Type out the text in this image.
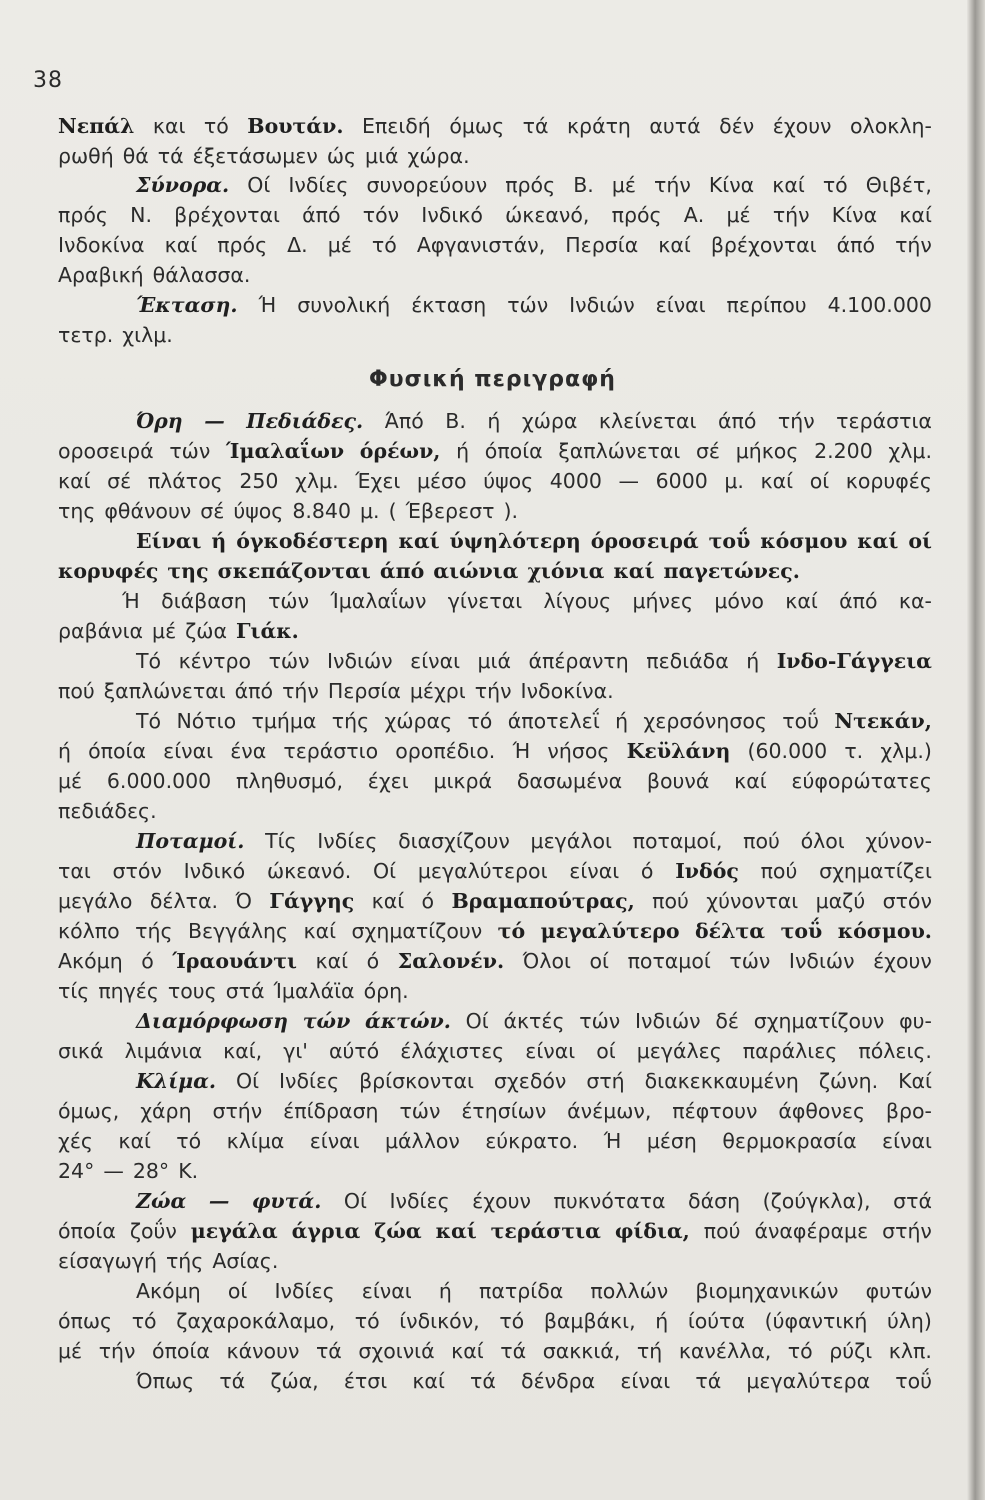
38
Φυσική περιγραφή
Νεπάλ και τό Βουτάν. Επειδή όμως τά κράτη αυτά δέν έχουν ολοκλη-
ρωθή θά τά έξετάσωμεν ώς μιά χώρα.
Σύνορα. Οί Ινδίες συνορεύουν πρός Β. μέ τήν Κίνα καί τό Θιβέτ,
πρός Ν. βρέχονται άπό τόν Ινδικό ώκεανό, πρός Α. μέ τήν Κίνα καί
Ινδοκίνα καί πρός Δ. μέ τό Αφγανιστάν, Περσία καί βρέχονται άπό τήν
Αραβική θάλασσα.
Έκταση. Ή συνολική έκταση τών Ινδιών είναι περίπου 4.100.000
τετρ. χιλμ.
Όρη — Πεδιάδες. Άπό Β. ή χώρα κλείνεται άπό τήν τεράστια
οροσειρά τών Ίμαλαΐων όρέων, ή όποία ξαπλώνεται σέ μήκος 2.200 χλμ.
καί σέ πλάτος 250 χλμ. Έχει μέσο ύψος 4000 — 6000 μ. καί οί κορυφές
της φθάνουν σέ ύψος 8.840 μ. ( Έβερεστ ).
Είναι ή όγκοδέστερη καί ύψηλότερη όροσειρά τοΰ κόσμου καί οί
κορυφές της σκεπάζονται άπό αιώνια χιόνια καί παγετώνες.
Ή διάβαση τών Ίμαλαΐων γίνεται λίγους μήνες μόνο καί άπό κα-
ραβάνια μέ ζώα Γιάκ.
Τό κέντρο τών Ινδιών είναι μιά άπέραντη πεδιάδα ή Ινδο-Γάγγεια
πού ξαπλώνεται άπό τήν Περσία μέχρι τήν Ινδοκίνα.
Τό Νότιο τμήμα τής χώρας τό άποτελεΐ ή χερσόνησος τοΰ Ντεκάν,
ή όποία είναι ένα τεράστιο οροπέδιο. Ή νήσος Κεϋλάνη (60.000 τ. χλμ.)
μέ 6.000.000 πληθυσμό, έχει μικρά δασωμένα βουνά καί εύφορώτατες
πεδιάδες.
Ποταμοί. Τίς Ινδίες διασχίζουν μεγάλοι ποταμοί, πού όλοι χύνον-
ται στόν Ινδικό ώκεανό. Οί μεγαλύτεροι είναι ό Ινδός πού σχηματίζει
μεγάλο δέλτα. Ό Γάγγης καί ό Βραμαπούτρας, πού χύνονται μαζύ στόν
κόλπο τής Βεγγάλης καί σχηματίζουν τό μεγαλύτερο δέλτα τοΰ κόσμου.
Ακόμη ό Ίραουάντι καί ό Σαλονέν. Όλοι οί ποταμοί τών Ινδιών έχουν
τίς πηγές τους στά Ίμαλάϊα όρη.
Διαμόρφωση τών άκτών. Οί άκτές τών Ινδιών δέ σχηματίζουν φυ-
σικά λιμάνια καί, γι' αύτό έλάχιστες είναι οί μεγάλες παράλιες πόλεις.
Κλίμα. Οί Ινδίες βρίσκονται σχεδόν στή διακεκκαυμένη ζώνη. Καί
όμως, χάρη στήν έπίδραση τών έτησίων άνέμων, πέφτουν άφθονες βρο-
χές καί τό κλίμα είναι μάλλον εύκρατο. Ή μέση θερμοκρασία είναι
24° — 28° Κ.
Ζώα — φυτά. Οί Ινδίες έχουν πυκνότατα δάση (ζούγκλα), στά
όποία ζοΰν μεγάλα άγρια ζώα καί τεράστια φίδια, πού άναφέραμε στήν
είσαγωγή τής Ασίας.
Ακόμη οί Ινδίες είναι ή πατρίδα πολλών βιομηχανικών φυτών
όπως τό ζαχαροκάλαμο, τό ίνδικόν, τό βαμβάκι, ή ίούτα (ύφαντική ύλη)
μέ τήν όποία κάνουν τά σχοινιά καί τά σακκιά, τή κανέλλα, τό ρύζι κλπ.
Όπως τά ζώα, έτσι καί τά δένδρα είναι τά μεγαλύτερα τοΰ
